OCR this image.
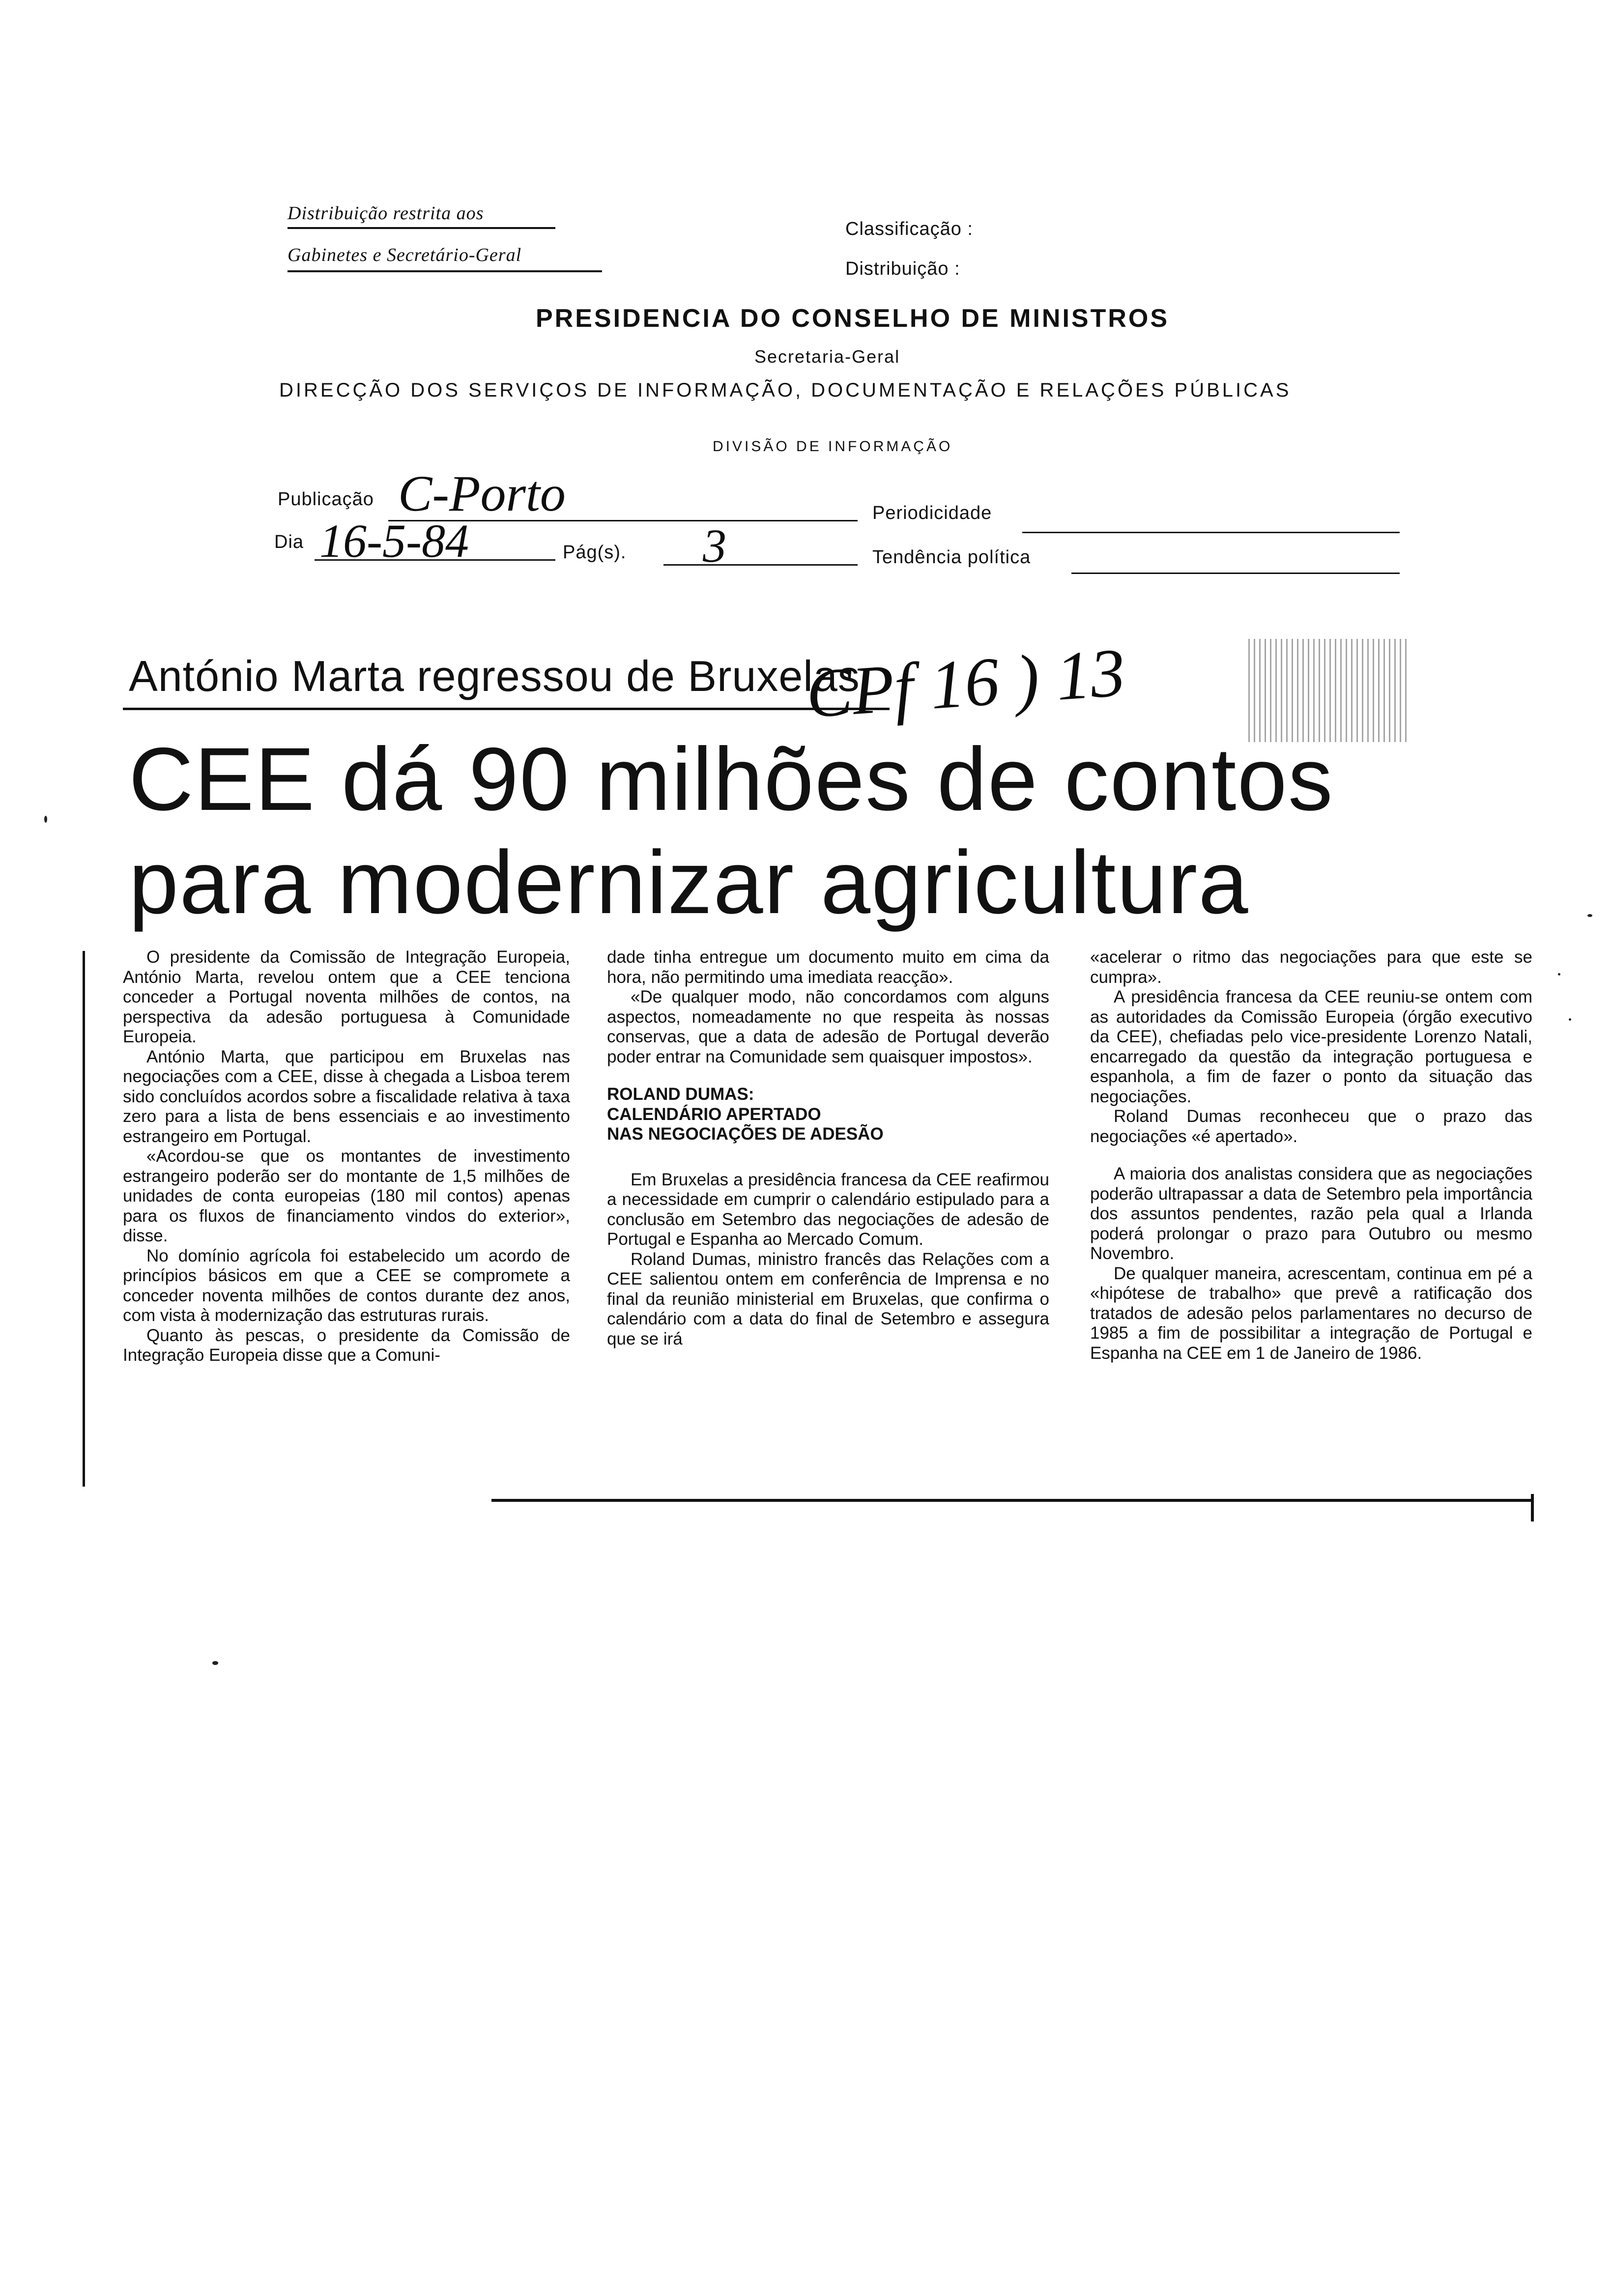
Distribuição restrita aos
Gabinetes e Secretário-Geral
Classificação :
Distribuição :
PRESIDENCIA DO CONSELHO DE MINISTROS
Secretaria-Geral
DIRECÇÃO DOS SERVIÇOS DE INFORMAÇÃO, DOCUMENTAÇÃO E RELAÇÕES PÚBLICAS
DIVISÃO DE INFORMAÇÃO
Publicação C-Porto	Periodicidade
Dia 16-5-84	Pág(s). 3	Tendência política
António Marta regressou de Bruxelas
CPf 16 ) 13
CEE dá 90 milhões de contos
para modernizar agricultura

O presidente da Comissão de Integração Europeia, António Marta, revelou ontem que a CEE tenciona conceder a Portugal noventa milhões de contos, na perspectiva da adesão portuguesa à Comunidade Europeia.

António Marta, que participou em Bruxelas nas negociações com a CEE, disse à chegada a Lisboa terem sido concluídos acordos sobre a fiscalidade relativa à taxa zero para a lista de bens essenciais e ao investimento estrangeiro em Portugal.

«Acordou-se que os montantes de investimento estrangeiro poderão ser do montante de 1,5 milhões de unidades de conta europeias (180 mil contos) apenas para os fluxos de financiamento vindos do exterior», disse.

No domínio agrícola foi estabelecido um acordo de princípios básicos em que a CEE se compromete a conceder noventa milhões de contos durante dez anos, com vista à modernização das estruturas rurais.

Quanto às pescas, o presidente da Comissão de Integração Europeia disse que a Comuni-

dade tinha entregue um documento muito em cima da hora, não permitindo uma imediata reacção».

«De qualquer modo, não concordamos com alguns aspectos, nomeadamente no que respeita às nossas conservas, que a data de adesão de Portugal deverão poder entrar na Comunidade sem quaisquer impostos».

ROLAND DUMAS:
CALENDÁRIO APERTADO
NAS NEGOCIAÇÕES DE ADESÃO

Em Bruxelas a presidência francesa da CEE reafirmou a necessidade em cumprir o calendário estipulado para a conclusão em Setembro das negociações de adesão de Portugal e Espanha ao Mercado Comum.

Roland Dumas, ministro francês das Relações com a CEE salientou ontem em conferência de Imprensa e no final da reunião ministerial em Bruxelas, que confirma o calendário com a data do final de Setembro e assegura que se irá

«acelerar o ritmo das negociações para que este se cumpra».

A presidência francesa da CEE reuniu-se ontem com as autoridades da Comissão Europeia (órgão executivo da CEE), chefiadas pelo vice-presidente Lorenzo Natali, encarregado da questão da integração portuguesa e espanhola, a fim de fazer o ponto da situação das negociações.

Roland Dumas reconheceu que o prazo das negociações «é apertado».

A maioria dos analistas considera que as negociações poderão ultrapassar a data de Setembro pela importância dos assuntos pendentes, razão pela qual a Irlanda poderá prolongar o prazo para Outubro ou mesmo Novembro.

De qualquer maneira, acrescentam, continua em pé a «hipótese de trabalho» que prevê a ratificação dos tratados de adesão pelos parlamentares no decurso de 1985 a fim de possibilitar a integração de Portugal e Espanha na CEE em 1 de Janeiro de 1986.
